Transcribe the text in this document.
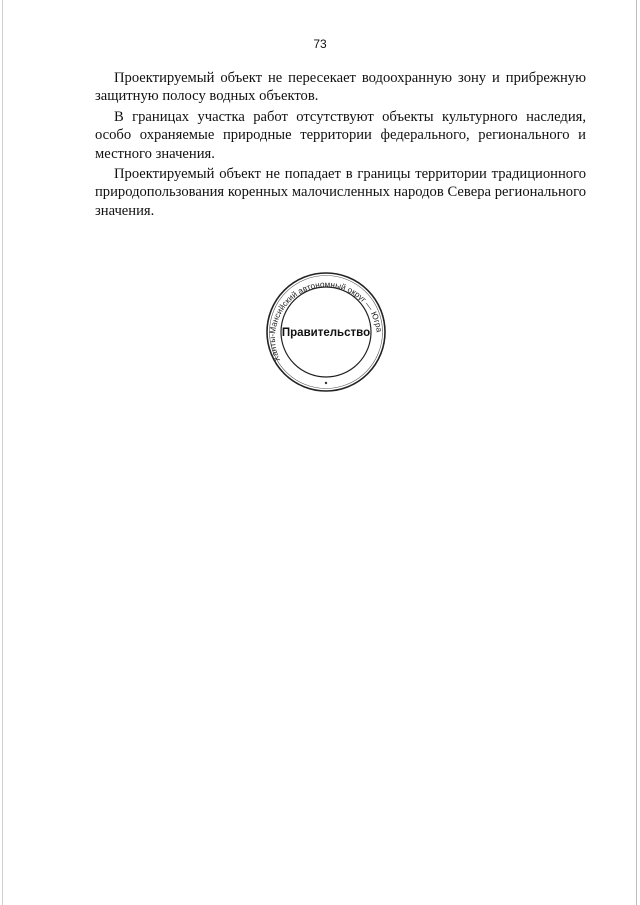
73
Проектируемый объект не пересекает водоохранную зону и прибрежную
защитную полосу водных объектов.
В границах участка работ отсутствуют объекты культурного наследия,
особо охраняемые природные территории федерального, регионального и
местного значения.
Проектируемый объект не попадает в границы территории традиционного
природопользования коренных малочисленных народов Севера регионального
значения.
Ханты-Мансийский автономный округ — Югра
Правительство
